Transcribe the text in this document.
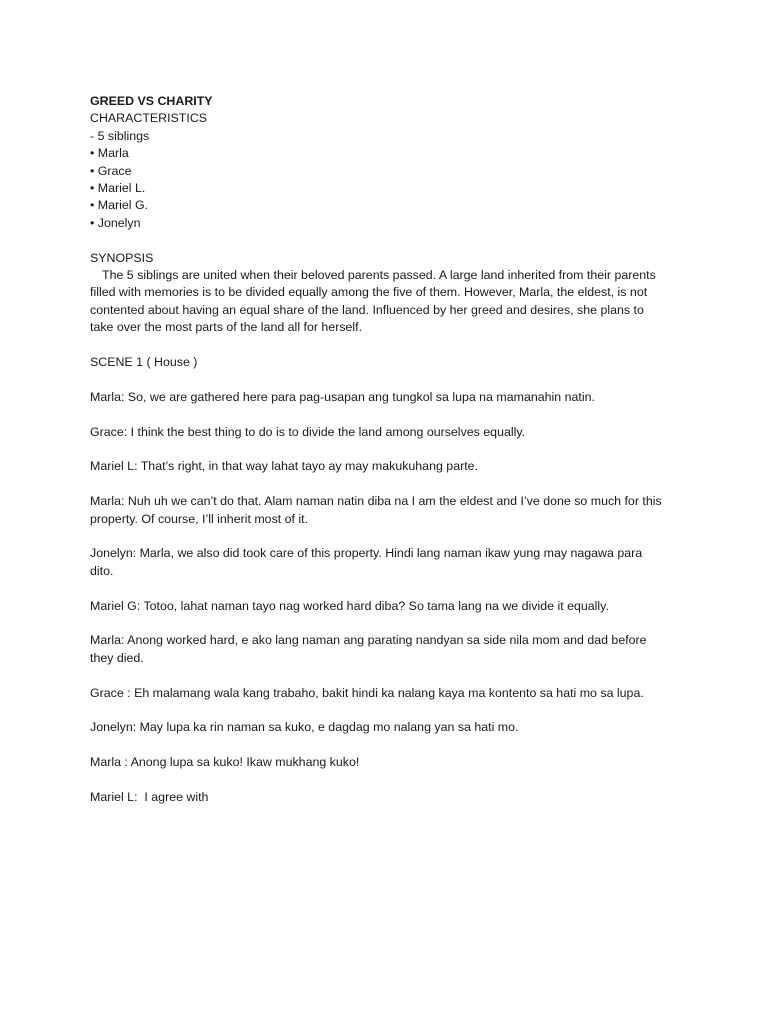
GREED VS CHARITY
CHARACTERISTICS
- 5 siblings
• Marla
• Grace
• Mariel L.
• Mariel G.
• Jonelyn
SYNOPSIS
The 5 siblings are united when their beloved parents passed. A large land inherited from their parents
filled with memories is to be divided equally among the five of them. However, Marla, the eldest, is not
contented about having an equal share of the land. Influenced by her greed and desires, she plans to
take over the most parts of the land all for herself.
SCENE 1 ( House )
Marla: So, we are gathered here para pag-usapan ang tungkol sa lupa na mamanahin natin.
Grace: I think the best thing to do is to divide the land among ourselves equally.
Mariel L: That’s right, in that way lahat tayo ay may makukuhang parte.
Marla: Nuh uh we can’t do that. Alam naman natin diba na I am the eldest and I’ve done so much for this
property. Of course, I’ll inherit most of it.
Jonelyn: Marla, we also did took care of this property. Hindi lang naman ikaw yung may nagawa para
dito.
Mariel G: Totoo, lahat naman tayo nag worked hard diba? So tama lang na we divide it equally.
Marla: Anong worked hard, e ako lang naman ang parating nandyan sa side nila mom and dad before
they died.
Grace : Eh malamang wala kang trabaho, bakit hindi ka nalang kaya ma kontento sa hati mo sa lupa.
Jonelyn: May lupa ka rin naman sa kuko, e dagdag mo nalang yan sa hati mo.
Marla : Anong lupa sa kuko! Ikaw mukhang kuko!
Mariel L:  I agree with
